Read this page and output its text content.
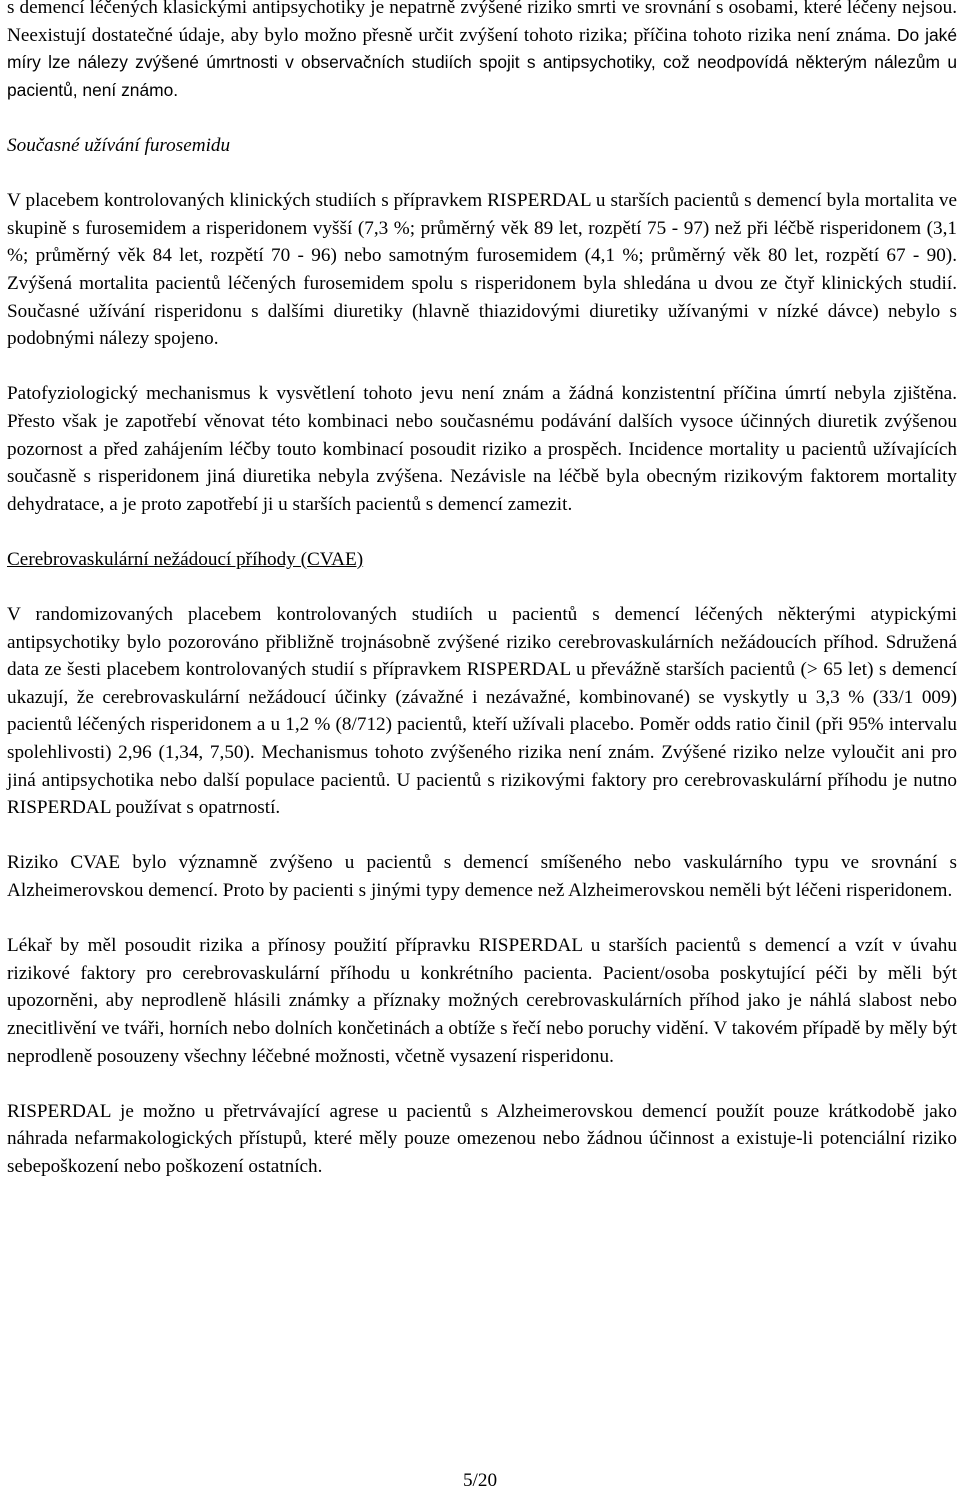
s demencí léčených klasickými antipsychotiky je nepatrně zvýšené riziko smrti ve srovnání s osobami, které léčeny nejsou. Neexistují dostatečné údaje, aby bylo možno přesně určit zvýšení tohoto rizika; příčina tohoto rizika není známa. Do jaké míry lze nálezy zvýšené úmrtnosti v observačních studiích spojit s antipsychotiky, což neodpovídá některým nálezům u pacientů, není známo.

Současné užívání furosemidu

V placebem kontrolovaných klinických studiích s přípravkem RISPERDAL u starších pacientů s demencí byla mortalita ve skupině s furosemidem a risperidonem vyšší (7,3 %; průměrný věk 89 let, rozpětí 75 - 97) než při léčbě risperidonem (3,1 %; průměrný věk 84 let, rozpětí 70 - 96) nebo samotným furosemidem (4,1 %; průměrný věk 80 let, rozpětí 67 - 90). Zvýšená mortalita pacientů léčených furosemidem spolu s risperidonem byla shledána u dvou ze čtyř klinických studií. Současné užívání risperidonu s dalšími diuretiky (hlavně thiazidovými diuretiky užívanými v nízké dávce) nebylo s podobnými nálezy spojeno.

Patofyziologický mechanismus k vysvětlení tohoto jevu není znám a žádná konzistentní příčina úmrtí nebyla zjištěna. Přesto však je zapotřebí věnovat této kombinaci nebo současnému podávání dalších vysoce účinných diuretik zvýšenou pozornost a před zahájením léčby touto kombinací posoudit riziko a prospěch. Incidence mortality u pacientů užívajících současně s risperidonem jiná diuretika nebyla zvýšena. Nezávisle na léčbě byla obecným rizikovým faktorem mortality dehydratace, a je proto zapotřebí ji u starších pacientů s demencí zamezit.

Cerebrovaskulární nežádoucí příhody (CVAE)

V randomizovaných placebem kontrolovaných studiích u pacientů s demencí léčených některými atypickými antipsychotiky bylo pozorováno přibližně trojnásobně zvýšené riziko cerebrovaskulárních nežádoucích příhod. Sdružená data ze šesti placebem kontrolovaných studií s přípravkem RISPERDAL u převážně starších pacientů (> 65 let) s demencí ukazují, že cerebrovaskulární nežádoucí účinky (závažné i nezávažné, kombinované) se vyskytly u 3,3 % (33/1 009) pacientů léčených risperidonem a u 1,2 % (8/712) pacientů, kteří užívali placebo. Poměr odds ratio činil (při 95% intervalu spolehlivosti) 2,96 (1,34, 7,50). Mechanismus tohoto zvýšeného rizika není znám. Zvýšené riziko nelze vyloučit ani pro jiná antipsychotika nebo další populace pacientů. U pacientů s rizikovými faktory pro cerebrovaskulární příhodu je nutno RISPERDAL používat s opatrností.

Riziko CVAE bylo významně zvýšeno u pacientů s demencí smíšeného nebo vaskulárního typu ve srovnání s Alzheimerovskou demencí. Proto by pacienti s jinými typy demence než Alzheimerovskou neměli být léčeni risperidonem.

Lékař by měl posoudit rizika a přínosy použití přípravku RISPERDAL u starších pacientů s demencí a vzít v úvahu rizikové faktory pro cerebrovaskulární příhodu u konkrétního pacienta. Pacient/osoba poskytující péči by měli být upozorněni, aby neprodleně hlásili známky a příznaky možných cerebrovaskulárních příhod jako je náhlá slabost nebo znecitlivění ve tváři, horních nebo dolních končetinách a obtíže s řečí nebo poruchy vidění. V takovém případě by měly být neprodleně posouzeny všechny léčebné možnosti, včetně vysazení risperidonu.

RISPERDAL je možno u přetrvávající agrese u pacientů s Alzheimerovskou demencí použít pouze krátkodobě jako náhrada nefarmakologických přístupů, které měly pouze omezenou nebo žádnou účinnost a existuje-li potenciální riziko sebepoškození nebo poškození ostatních.

5/20
